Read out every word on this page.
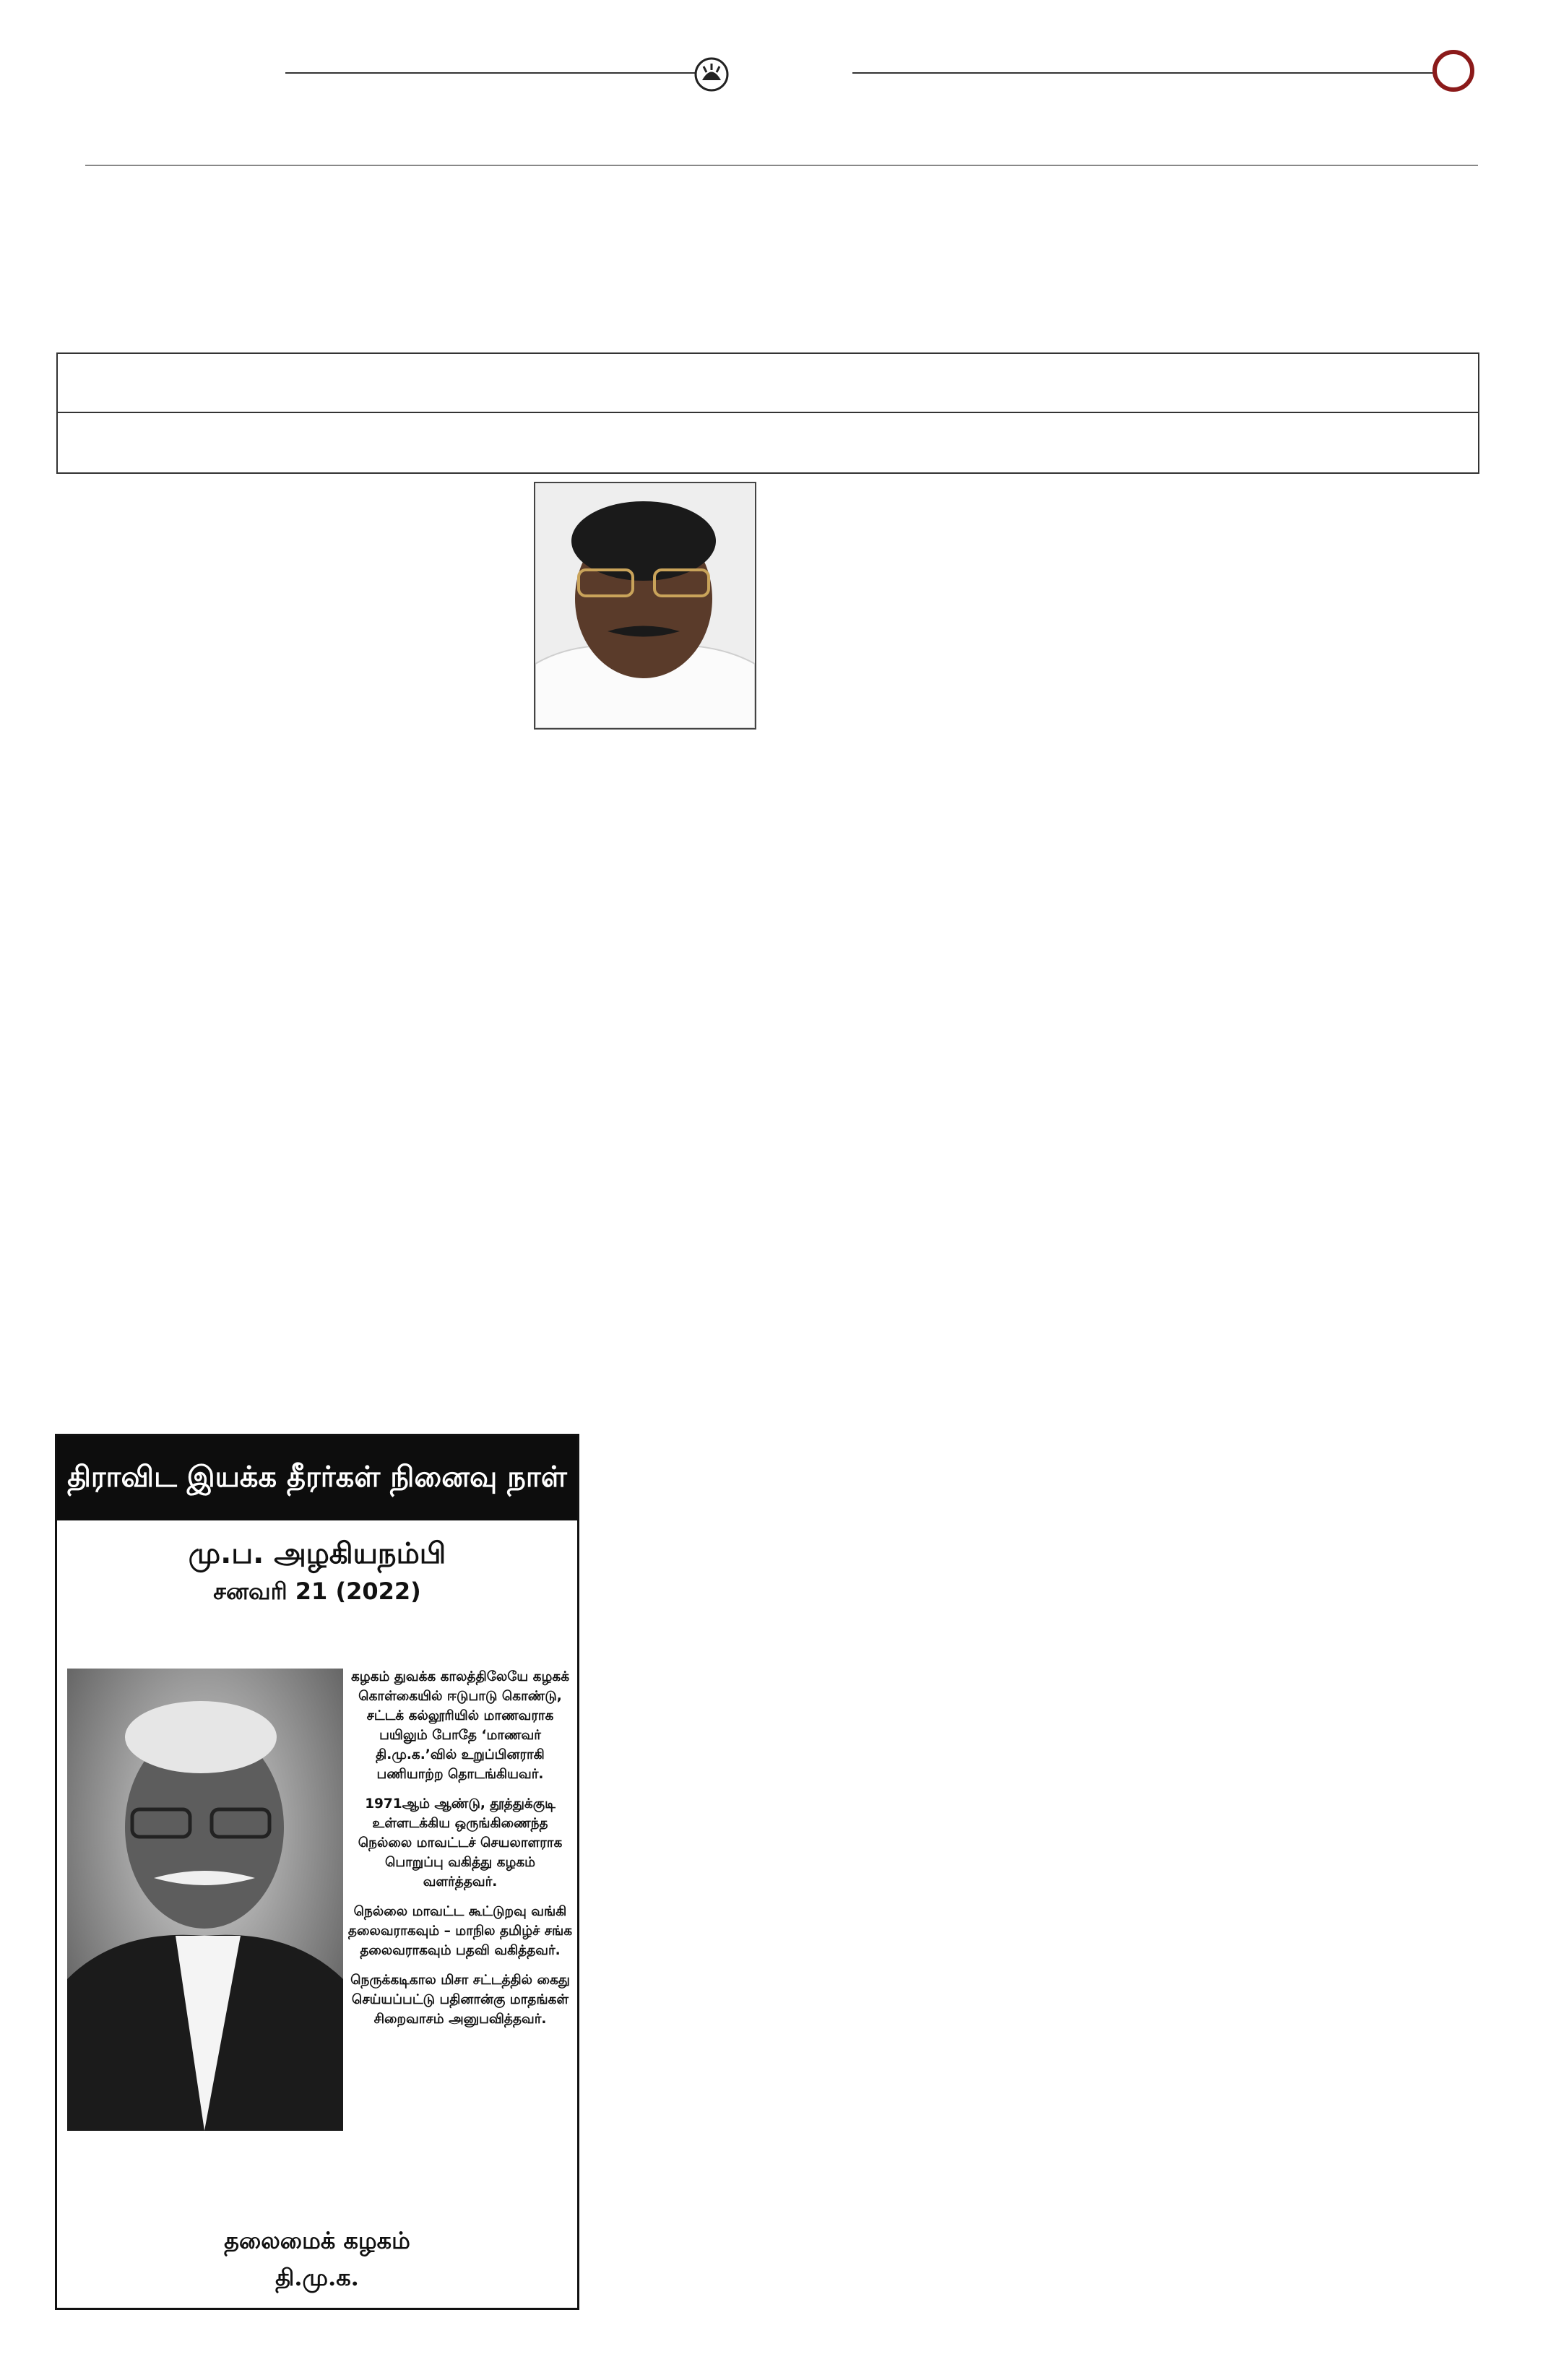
திராவிட இயக்க தீரர்கள் நினைவு நாள்
மு.ப. அழகியநம்பி
சனவரி 21 (2022)

கழகம் துவக்க காலத்திலேயே கழகக் கொள்கையில் ஈடுபாடு கொண்டு, சட்டக் கல்லூரியில் மாணவராக பயிலும் போதே ‘மாணவர் தி.மு.க.’வில் உறுப்பினராகி பணியாற்ற தொடங்கியவர்.

1971ஆம் ஆண்டு, தூத்துக்குடி உள்ளடக்கிய ஒருங்கிணைந்த நெல்லை மாவட்டச் செயலாளராக பொறுப்பு வகித்து கழகம் வளர்த்தவர்.

நெல்லை மாவட்ட கூட்டுறவு வங்கி தலைவராகவும் – மாநில தமிழ்ச் சங்க தலைவராகவும் பதவி வகித்தவர்.

நெருக்கடிகால மிசா சட்டத்தில் கைது செய்யப்பட்டு பதினான்கு மாதங்கள் சிறைவாசம் அனுபவித்தவர்.

தலைமைக் கழகம்
தி.மு.க.
